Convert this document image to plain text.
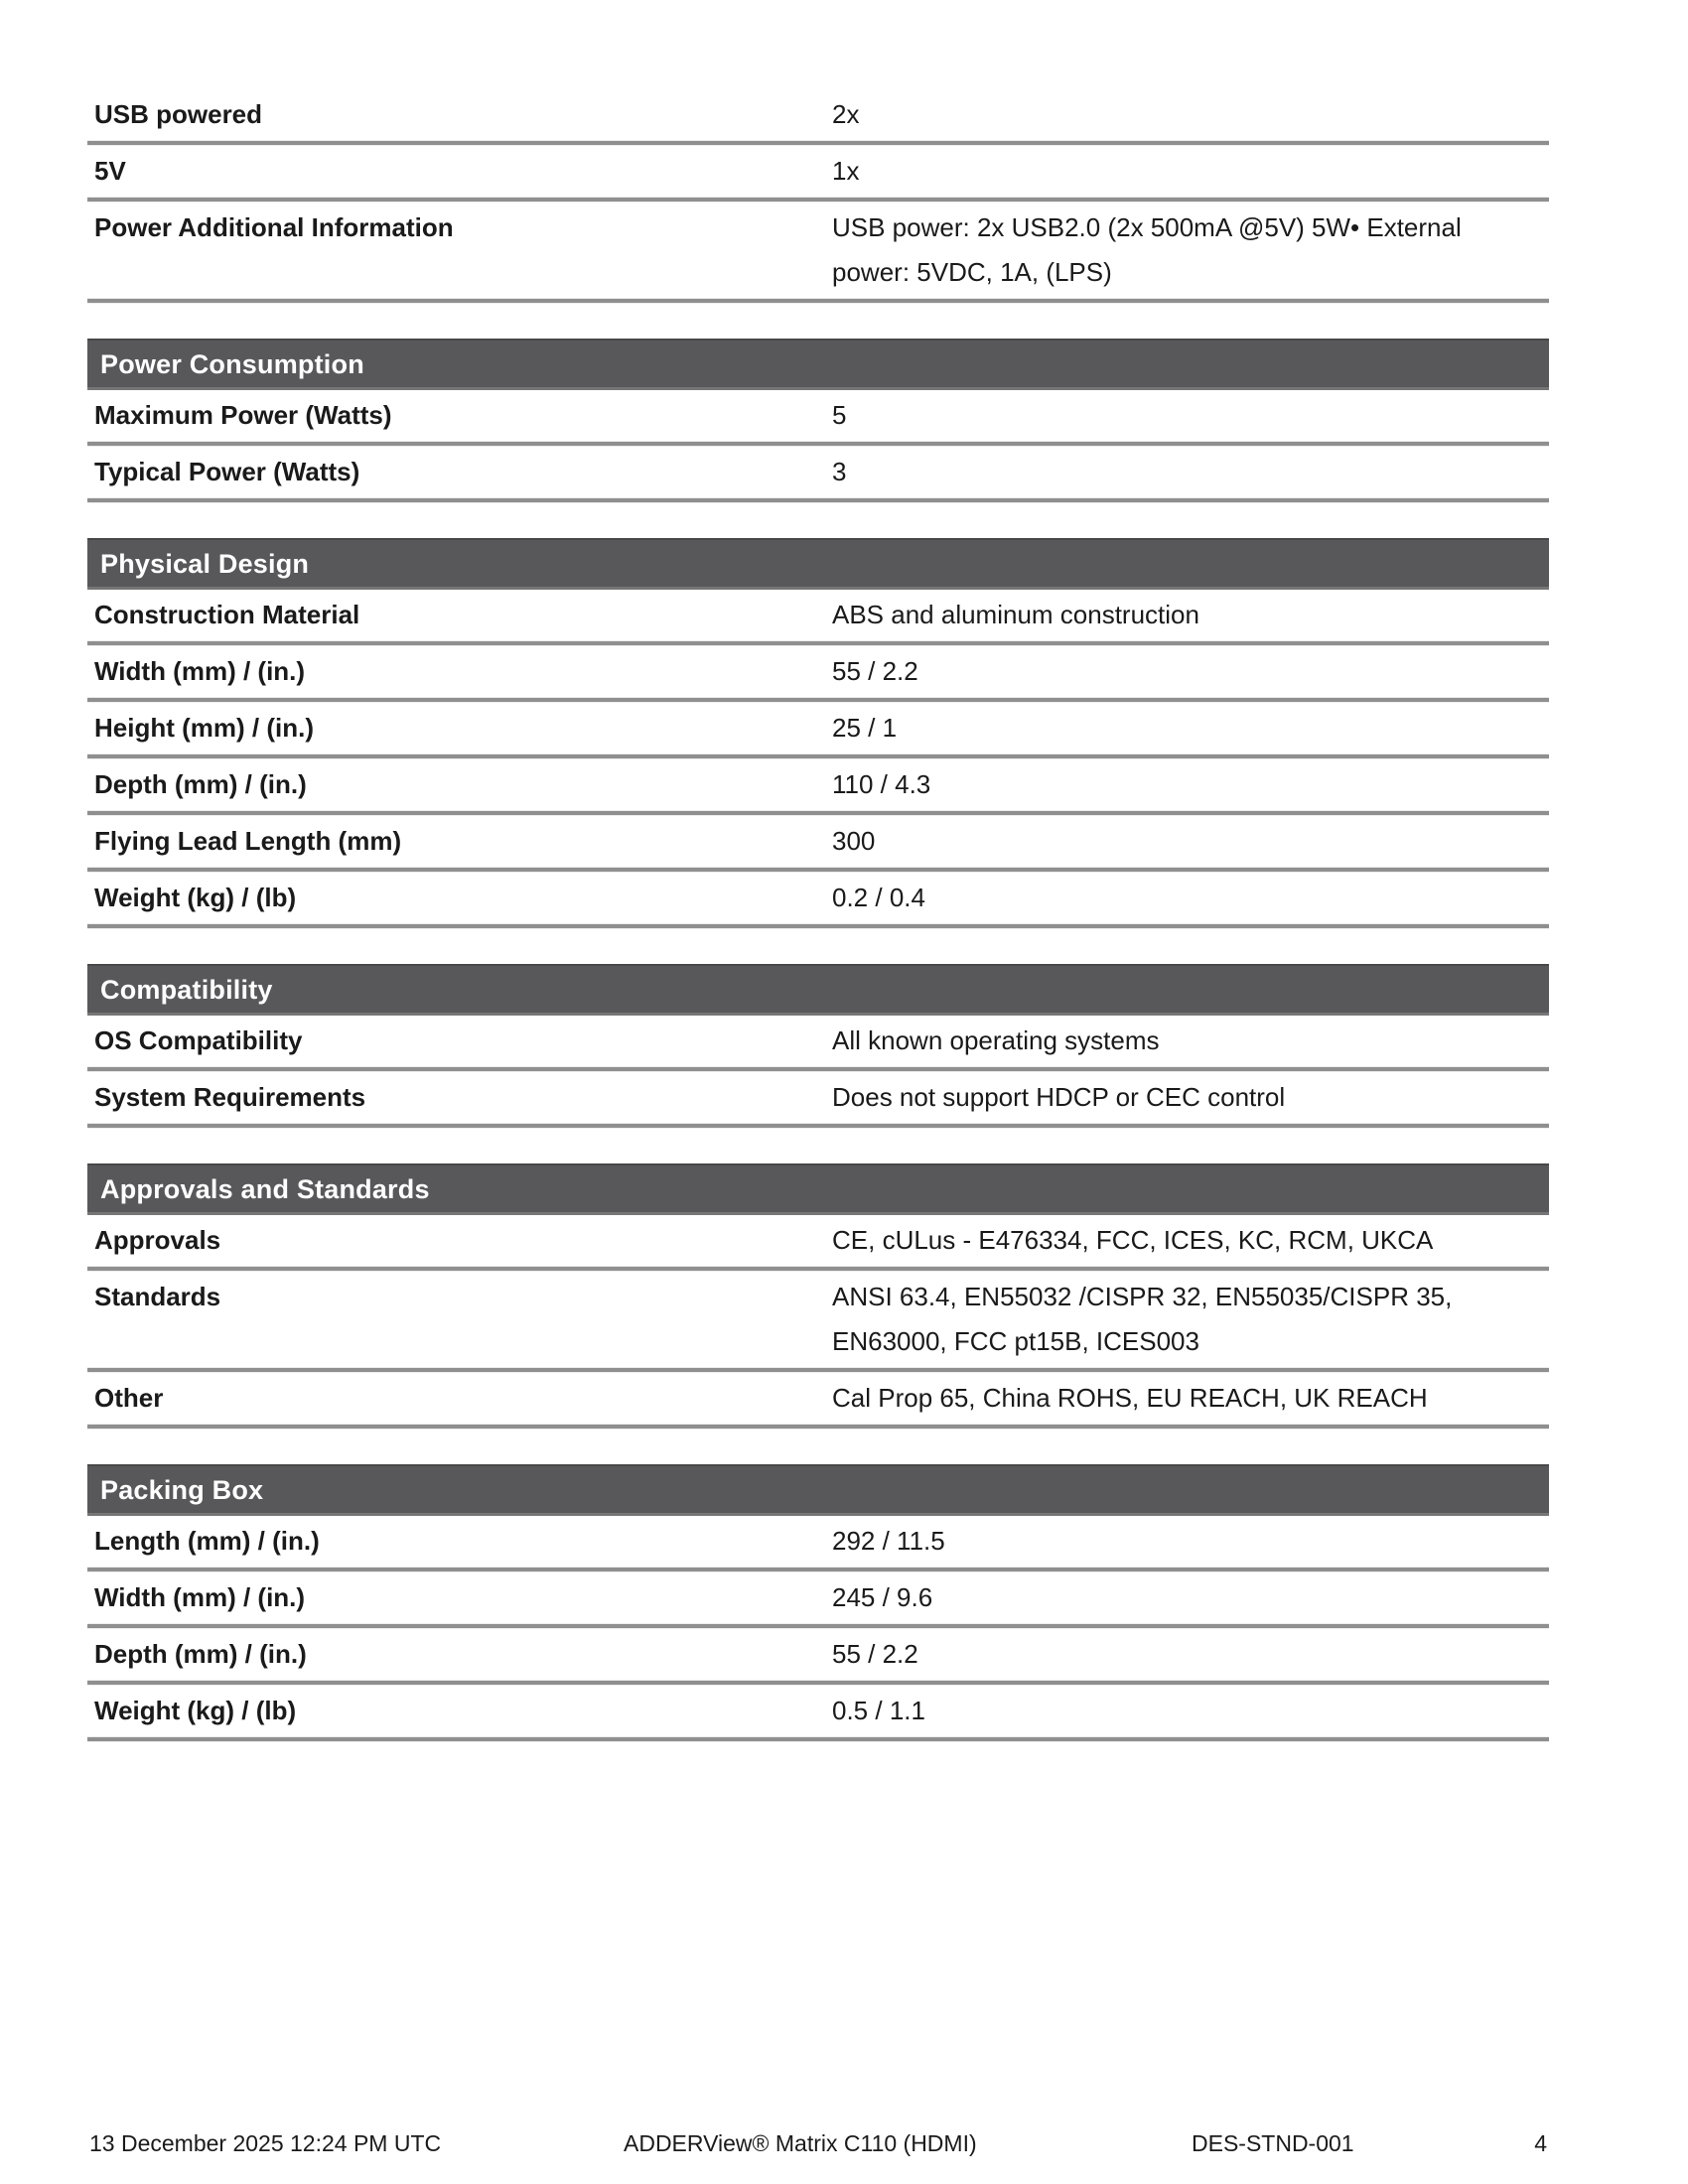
USB powered	2x
5V	1x
Power Additional Information	USB power: 2x USB2.0 (2x 500mA @5V) 5W• External power: 5VDC, 1A, (LPS)
Power Consumption
Maximum Power (Watts)	5
Typical Power (Watts)	3
Physical Design
Construction Material	ABS and aluminum construction
Width (mm) / (in.)	55 / 2.2
Height (mm) / (in.)	25 / 1
Depth (mm) / (in.)	110 / 4.3
Flying Lead Length (mm)	300
Weight (kg) / (lb)	0.2 / 0.4
Compatibility
OS Compatibility	All known operating systems
System Requirements	Does not support HDCP or CEC control
Approvals and Standards
Approvals	CE, cULus - E476334, FCC, ICES, KC, RCM, UKCA
Standards	ANSI 63.4, EN55032 /CISPR 32, EN55035/CISPR 35, EN63000, FCC pt15B, ICES003
Other	Cal Prop 65, China ROHS, EU REACH, UK REACH
Packing Box
Length (mm) / (in.)	292 / 11.5
Width (mm) / (in.)	245 / 9.6
Depth (mm) / (in.)	55 / 2.2
Weight (kg) / (lb)	0.5 / 1.1
13 December 2025 12:24 PM UTC	ADDERView® Matrix C110 (HDMI)	DES-STND-001	4
